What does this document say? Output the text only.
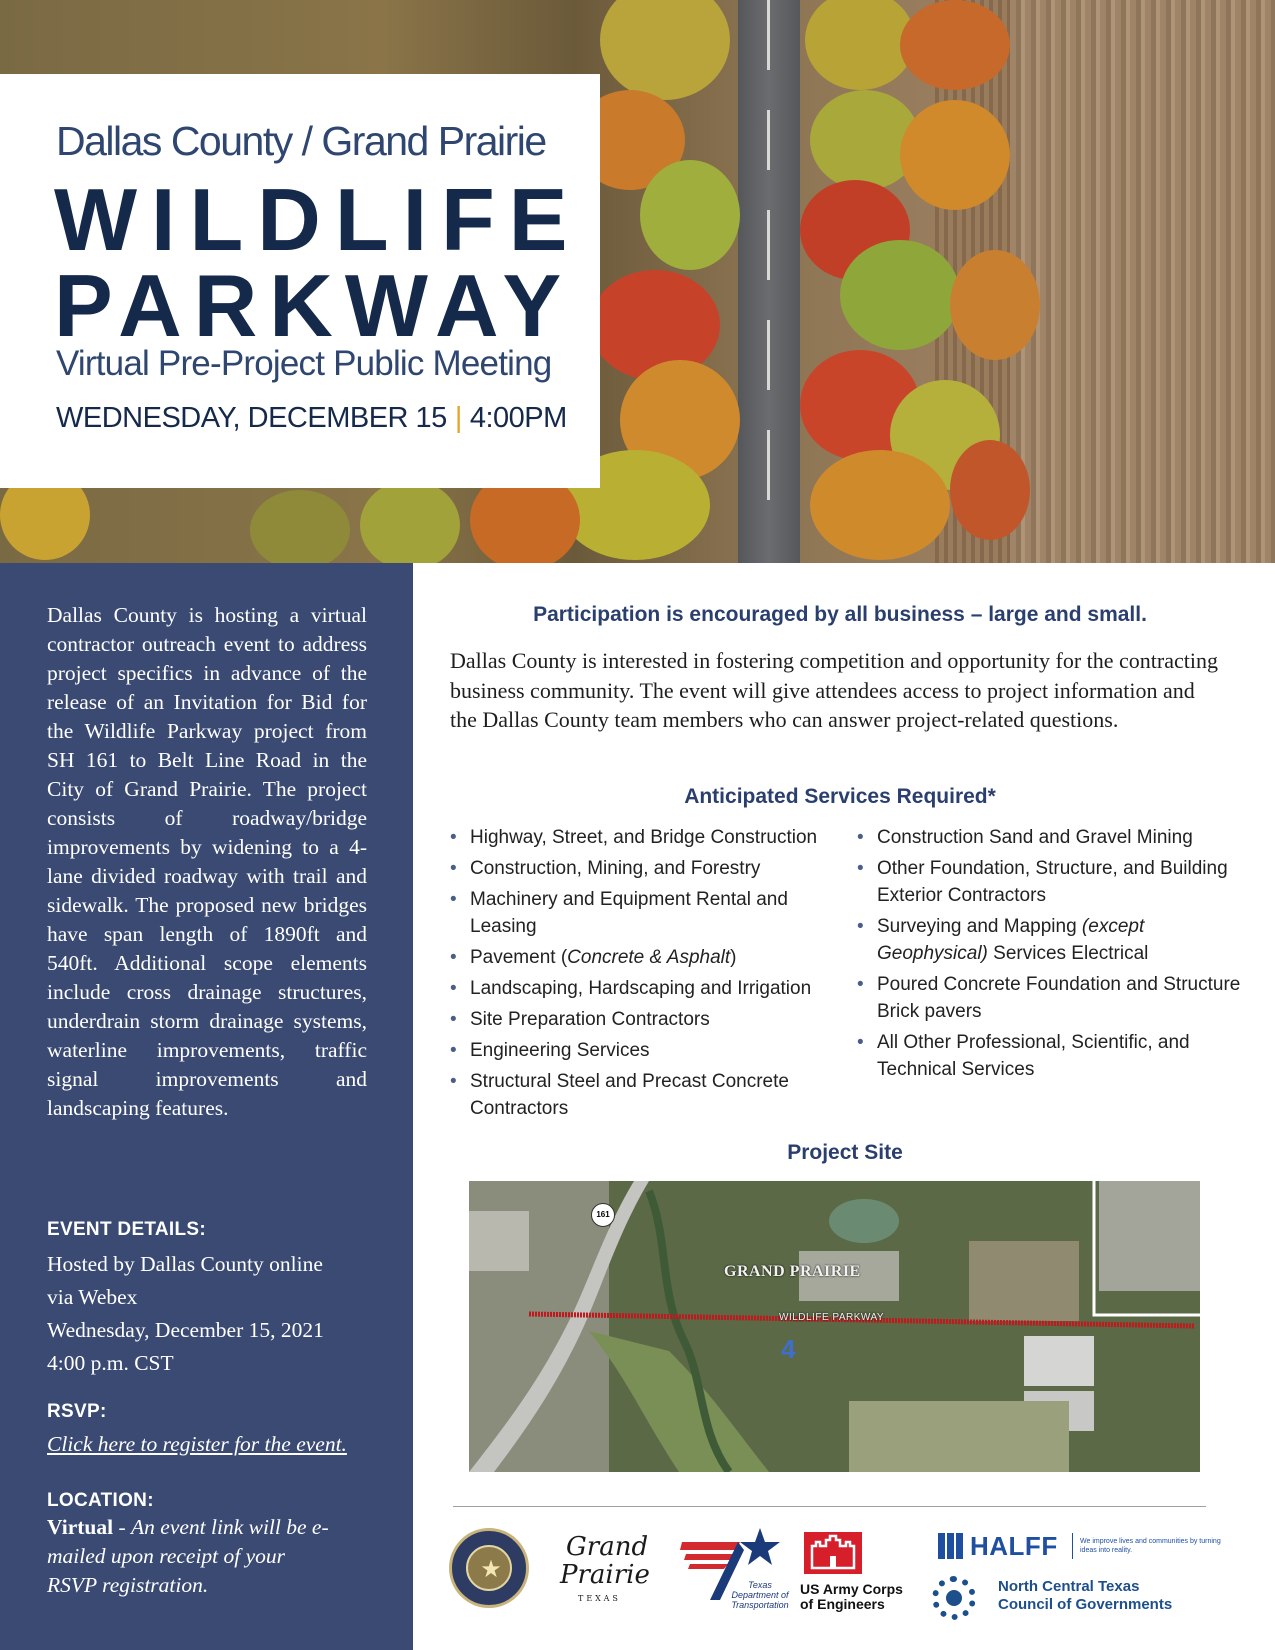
Dallas County / Grand Prairie
WILDLIFE
PARKWAY
Virtual Pre-Project Public Meeting
WEDNESDAY, DECEMBER 15 | 4:00PM

Dallas County is hosting a virtual contractor outreach event to address project specifics in advance of the release of an Invitation for Bid for the Wildlife Parkway project from SH 161 to Belt Line Road in the City of Grand Prairie. The project consists of roadway/bridge improvements by widening to a 4-lane divided roadway with trail and sidewalk. The proposed new bridges have span length of 1890ft and 540ft. Additional scope elements include cross drainage structures, underdrain storm drainage systems, waterline improvements, traffic signal improvements and landscaping features.

EVENT DETAILS:
Hosted by Dallas County online
via Webex
Wednesday, December 15, 2021
4:00 p.m. CST
RSVP:
Click here to register for the event.
LOCATION:

Virtual - An event link will be e-mailed upon receipt of your RSVP registration.

Participation is encouraged by all business – large and small.

Dallas County is interested in fostering competition and opportunity for the contracting business community. The event will give attendees access to project information and the Dallas County team members who can answer project-related questions.

Anticipated Services Required*
• Highway, Street, and Bridge Construction
• Construction, Mining, and Forestry
• Machinery and Equipment Rental and Leasing
• Pavement (Concrete & Asphalt)
• Landscaping, Hardscaping and Irrigation
• Site Preparation Contractors
• Engineering Services
• Structural Steel and Precast Concrete Contractors
• Construction Sand and Gravel Mining
• Other Foundation, Structure, and Building Exterior Contractors
• Surveying and Mapping (except Geophysical) Services Electrical
• Poured Concrete Foundation and Structure Brick pavers
• All Other Professional, Scientific, and Technical Services
Project Site
161
GRAND PRAIRIE
WILDLIFE PARKWAY
4
★
Grand
Prairie
TEXAS
Texas Department of Transportation
US Army Corps
of Engineers
HALFF	We improve lives and communities by turning ideas into reality.
North Central Texas
Council of Governments
